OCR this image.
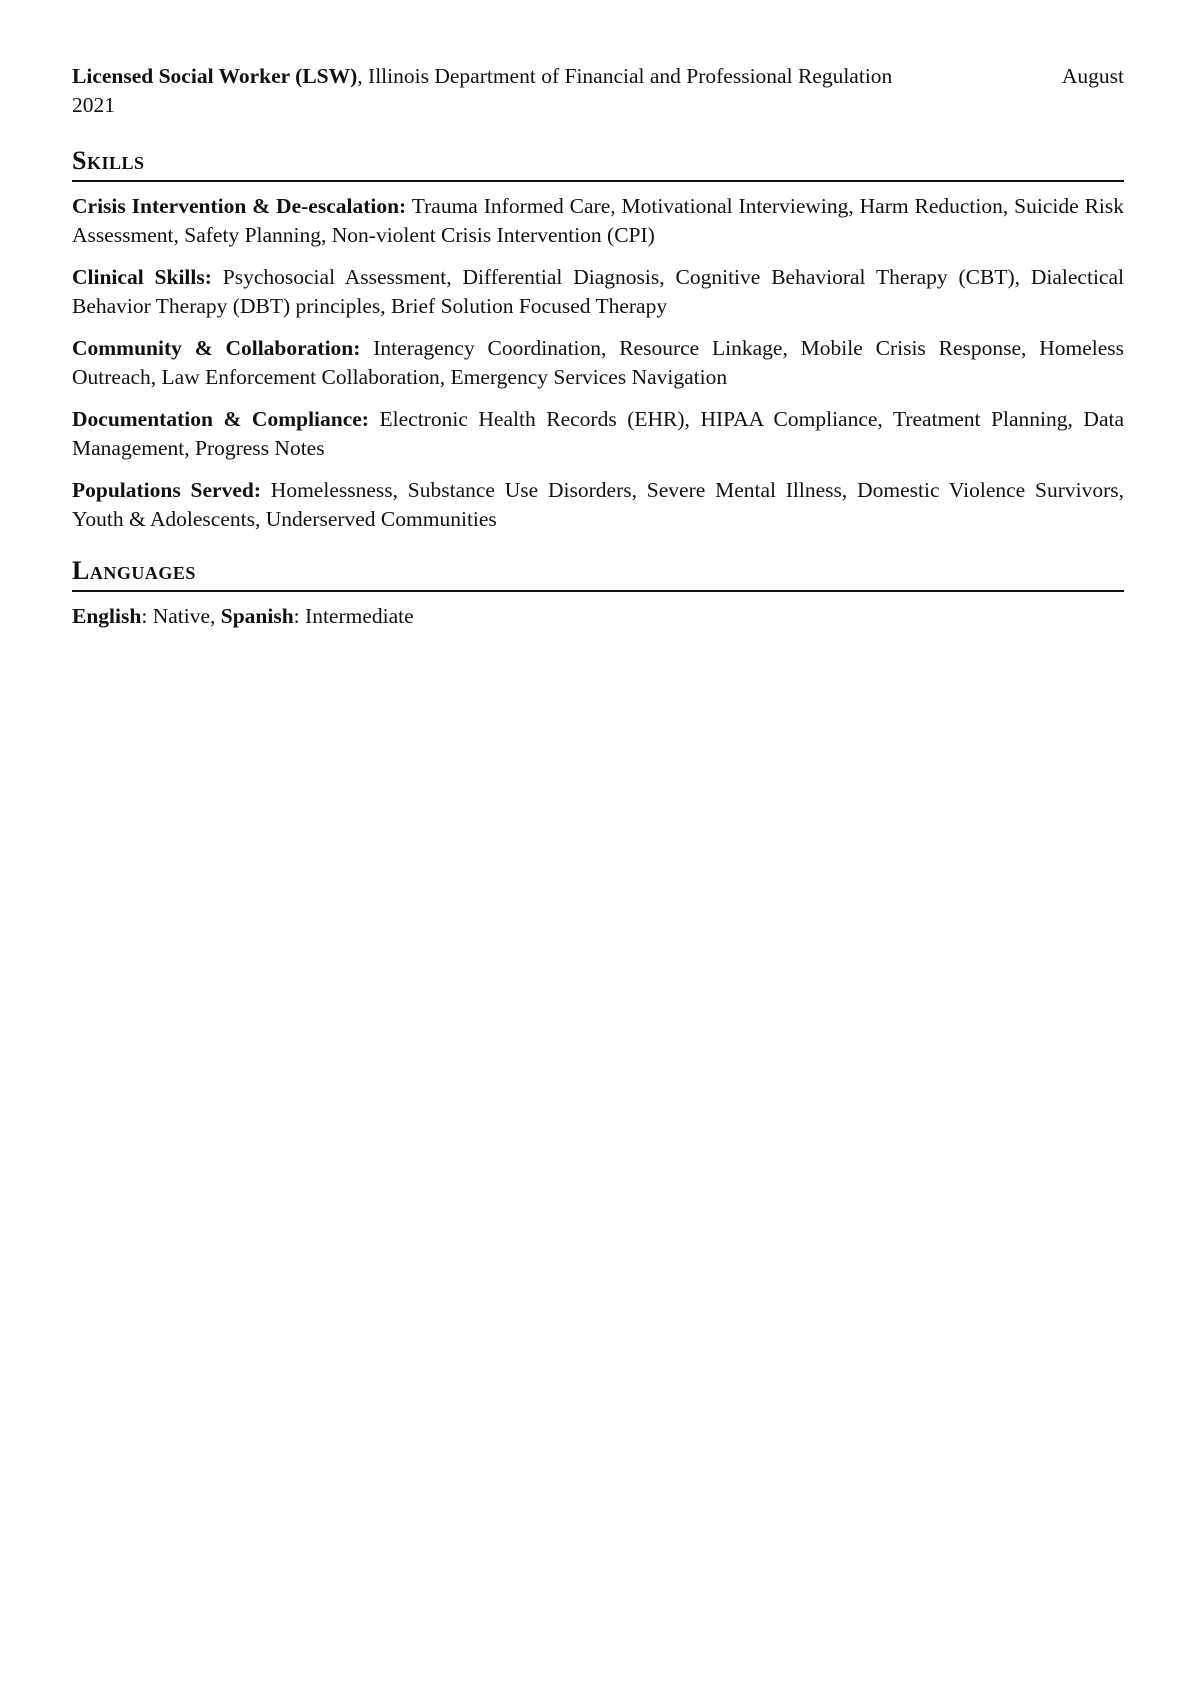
August
Licensed Social Worker (LSW), Illinois Department of Financial and Professional Regulation
2021

Skills
Crisis Intervention & De-escalation: Trauma Informed Care, Motivational Interviewing, Harm Reduction, Suicide Risk Assessment, Safety Planning, Non-violent Crisis Intervention (CPI)
Clinical Skills: Psychosocial Assessment, Differential Diagnosis, Cognitive Behavioral Therapy (CBT), Dialectical Behavior Therapy (DBT) principles, Brief Solution Focused Therapy
Community & Collaboration: Interagency Coordination, Resource Linkage, Mobile Crisis Response, Homeless Outreach, Law Enforcement Collaboration, Emergency Services Navigation
Documentation & Compliance: Electronic Health Records (EHR), HIPAA Compliance, Treatment Planning, Data Management, Progress Notes
Populations Served: Homelessness, Substance Use Disorders, Severe Mental Illness, Domestic Violence Survivors, Youth & Adolescents, Underserved Communities
Languages

English: Native, Spanish: Intermediate
